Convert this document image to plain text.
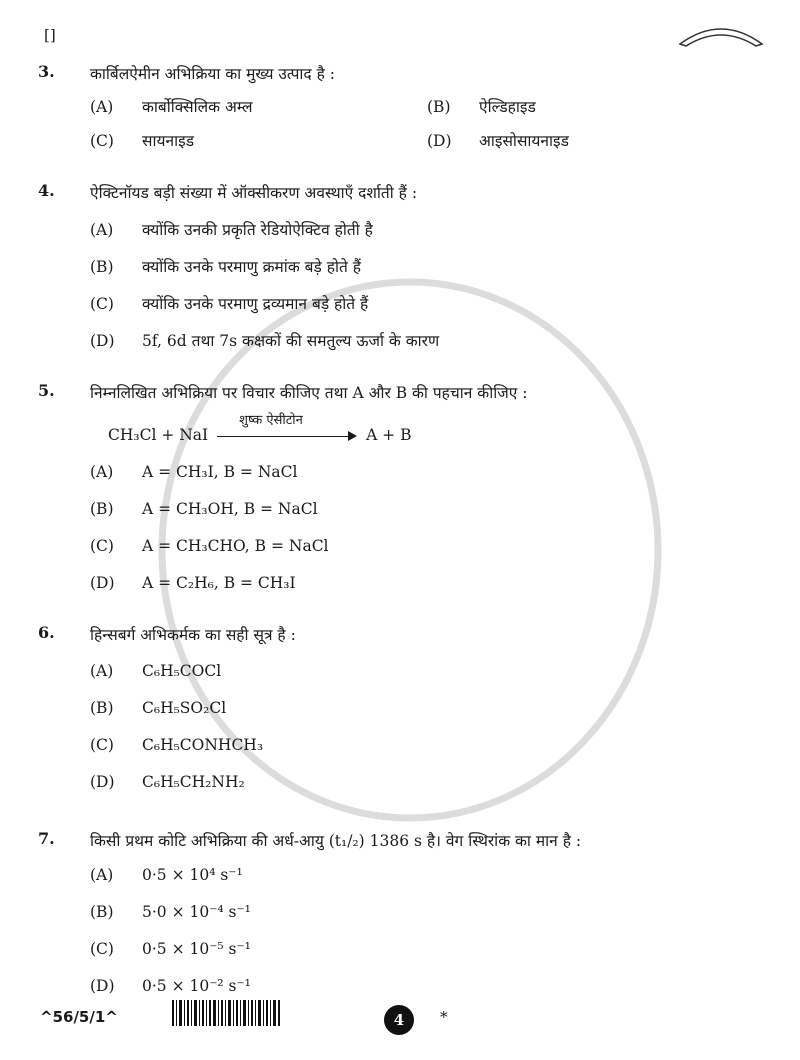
[]
3. कार्बिलऐमीन अभिक्रिया का मुख्य उत्पाद है :
(A) कार्बोक्सिलिक अम्ल	(B) ऐल्डिहाइड
(C) सायनाइड	(D) आइसोसायनाइड
4. ऐक्टिनॉयड बड़ी संख्या में ऑक्सीकरण अवस्थाएँ दर्शाती हैं :
(A) क्योंकि उनकी प्रकृति रेडियोऐक्टिव होती है
(B) क्योंकि उनके परमाणु क्रमांक बड़े होते हैं
(C) क्योंकि उनके परमाणु द्रव्यमान बड़े होते हैं
(D) 5f, 6d तथा 7s कक्षकों की समतुल्य ऊर्जा के कारण
5. निम्नलिखित अभिक्रिया पर विचार कीजिए तथा A और B की पहचान कीजिए :
CH₃Cl + NaI
शुष्क ऐसीटोन
A + B
(A) A = CH₃I, B = NaCl
(B) A = CH₃OH, B = NaCl
(C) A = CH₃CHO, B = NaCl
(D) A = C₂H₆, B = CH₃I
6. हिन्सबर्ग अभिकर्मक का सही सूत्र है :
(A) C₆H₅COCl
(B) C₆H₅SO₂Cl
(C) C₆H₅CONHCH₃
(D) C₆H₅CH₂NH₂
7. किसी प्रथम कोटि अभिक्रिया की अर्ध-आयु (t₁/₂) 1386 s है। वेग स्थिरांक का मान है :
(A) 0·5 × 10⁴ s⁻¹
(B) 5·0 × 10⁻⁴ s⁻¹
(C) 0·5 × 10⁻⁵ s⁻¹
(D) 0·5 × 10⁻² s⁻¹
^56/5/1^	4	*
